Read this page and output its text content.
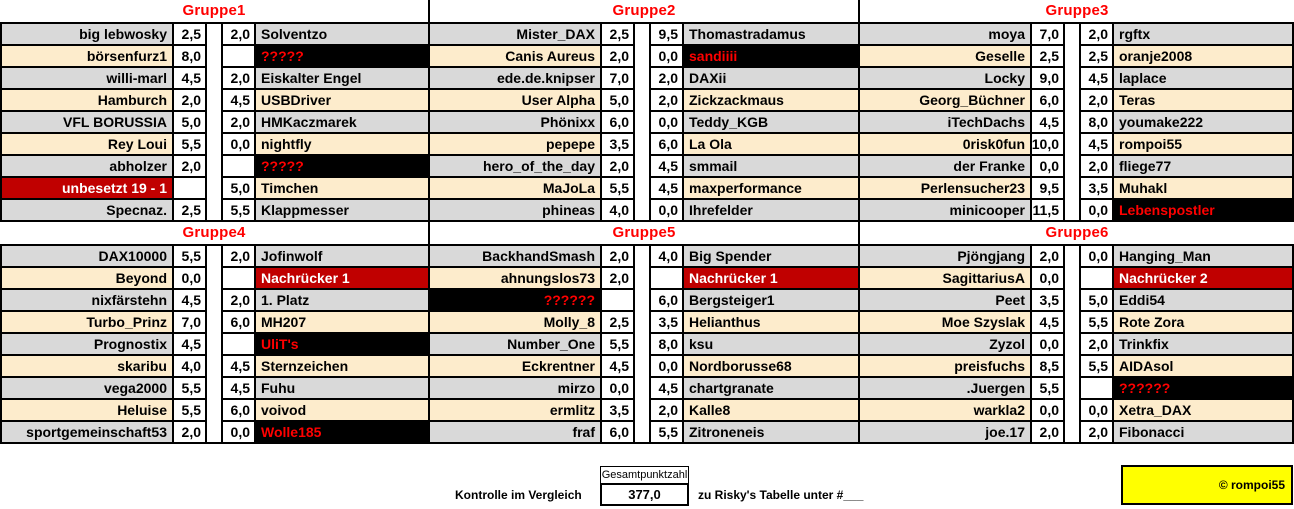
Gruppe1
big lebwosky	2,5	2,0 Solventzo
börsenfurz1	8,0	?????
willi-marl	4,5	2,0 Eiskalter Engel
Hamburch	2,0	4,5 USBDriver
VFL BORUSSIA	5,0	2,0 HMKaczmarek
Rey Loui	5,5	0,0 nightfly
abholzer	2,0	?????
unbesetzt 19 - 1	5,0 Timchen
Specnaz.	2,5	5,5 Klappmesser
Gruppe2
Mister_DAX	2,5	9,5 Thomastradamus
Canis Aureus	2,0	0,0 sandiiii
ede.de.knipser	7,0	2,0 DAXii
User Alpha	5,0	2,0 Zickzackmaus
Phönixx	6,0	0,0 Teddy_KGB
pepepe	3,5	6,0 La Ola
hero_of_the_day	2,0	4,5 smmail
MaJoLa	5,5	4,5 maxperformance
phineas	4,0	0,0 Ihrefelder
Gruppe3
moya	7,0	2,0 rgftx
Geselle	2,5	2,5 oranje2008
Locky	9,0	4,5 laplace
Georg_Büchner	6,0	2,0 Teras
iTechDachs	4,5	8,0 youmake222
0risk0fun 10,0	4,5 rompoi55
der Franke	0,0	2,0 fliege77
Perlensucher23	9,5	3,5 Muhakl
minicooper 11,5	0,0 Lebenspostler
Gruppe4
DAX10000	5,5	2,0 Jofinwolf
Beyond	0,0	Nachrücker 1
nixfärstehn	4,5	2,0 1. Platz
Turbo_Prinz	7,0	6,0 MH207
Prognostix	4,5	UliT's
skaribu	4,0	4,5 Sternzeichen
vega2000	5,5	4,5 Fuhu
Heluise	5,5	6,0 voivod
sportgemeinschaft53	2,0	0,0 Wolle185
Gruppe5
BackhandSmash	2,0	4,0 Big Spender
ahnungslos73	2,0	Nachrücker 1
??????	6,0 Bergsteiger1
Molly_8	2,5	3,5 Helianthus
Number_One	5,5	8,0 ksu
Eckrentner	4,5	0,0 Nordborusse68
mirzo	0,0	4,5 chartgranate
ermlitz	3,5	2,0 Kalle8
fraf	6,0	5,5 Zitroneneis
Gruppe6
Pjöngjang	2,0	0,0 Hanging_Man
SagittariusA	0,0	Nachrücker 2
Peet	3,5	5,0 Eddi54
Moe Szyslak	4,5	5,5 Rote Zora
Zyzol	0,0	2,0 Trinkfix
preisfuchs	8,5	5,5 AIDAsol
.Juergen	5,5	??????
warkla2	0,0	0,0 Xetra_DAX
joe.17	2,0	2,0 Fibonacci
Kontrolle im Vergleich
Gesamtpunktzahl
377,0	zu Risky's Tabelle unter #___
© rompoi55
